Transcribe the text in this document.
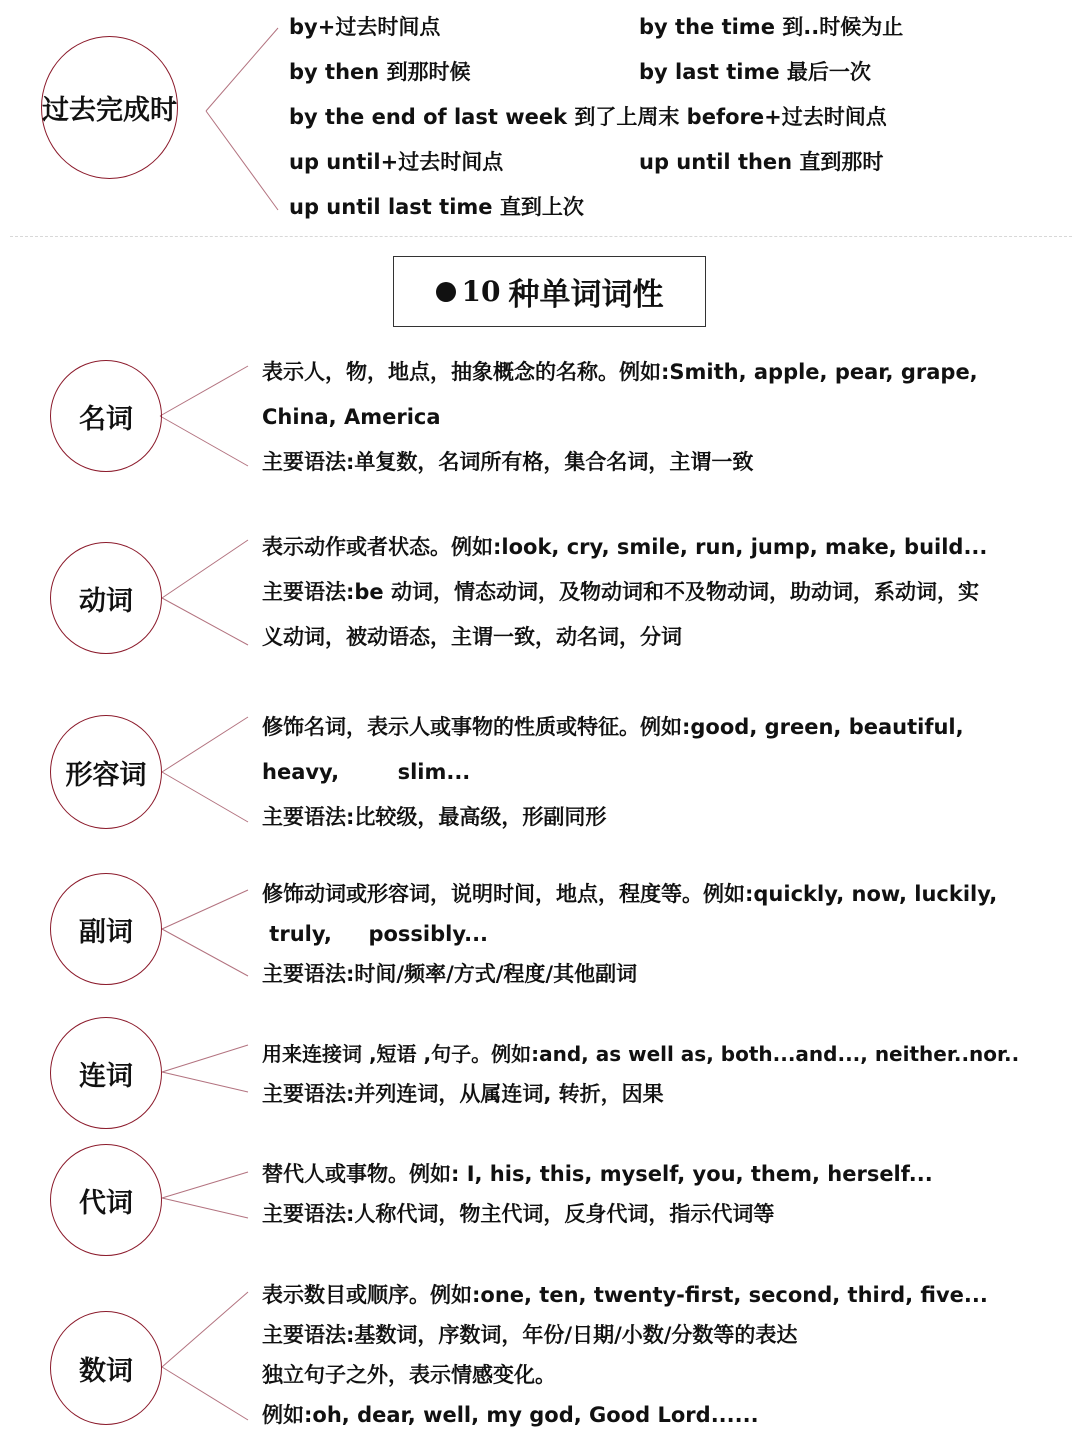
过去完成时
by+过去时间点	by the time 到..时候为止
by then 到那时候	by last time 最后一次
by the end of last week 到了上周末 before+过去时间点
up until+过去时间点	up until then 直到那时
up until last time 直到上次
10 种单词词性
名词
表示人，物，地点，抽象概念的名称。例如:Smith, apple, pear, grape,
China, America
主要语法:单复数，名词所有格，集合名词，主谓一致
动词
表示动作或者状态。例如:look, cry, smile, run, jump, make, build...
主要语法:be 动词，情态动词，及物动词和不及物动词，助动词，系动词，实
义动词，被动语态，主谓一致，动名词，分词
形容词
修饰名词，表示人或事物的性质或特征。例如:good, green, beautiful,
heavy,        slim...
主要语法:比较级，最高级，形副同形
副词
修饰动词或形容词，说明时间，地点，程度等。例如:quickly, now, luckily,
truly,     possibly...
主要语法:时间/频率/方式/程度/其他副词
连词
用来连接词 ,短语 ,句子。例如:and, as well as, both...and..., neither..nor..
主要语法:并列连词，从属连词, 转折，因果
代词
替代人或事物。例如: I, his, this, myself, you, them, herself...
主要语法:人称代词，物主代词，反身代词，指示代词等
数词
表示数目或顺序。例如:one, ten, twenty-first, second, third, five...
主要语法:基数词，序数词，年份/日期/小数/分数等的表达
独立句子之外，表示情感变化。
例如:oh, dear, well, my god, Good Lord......
